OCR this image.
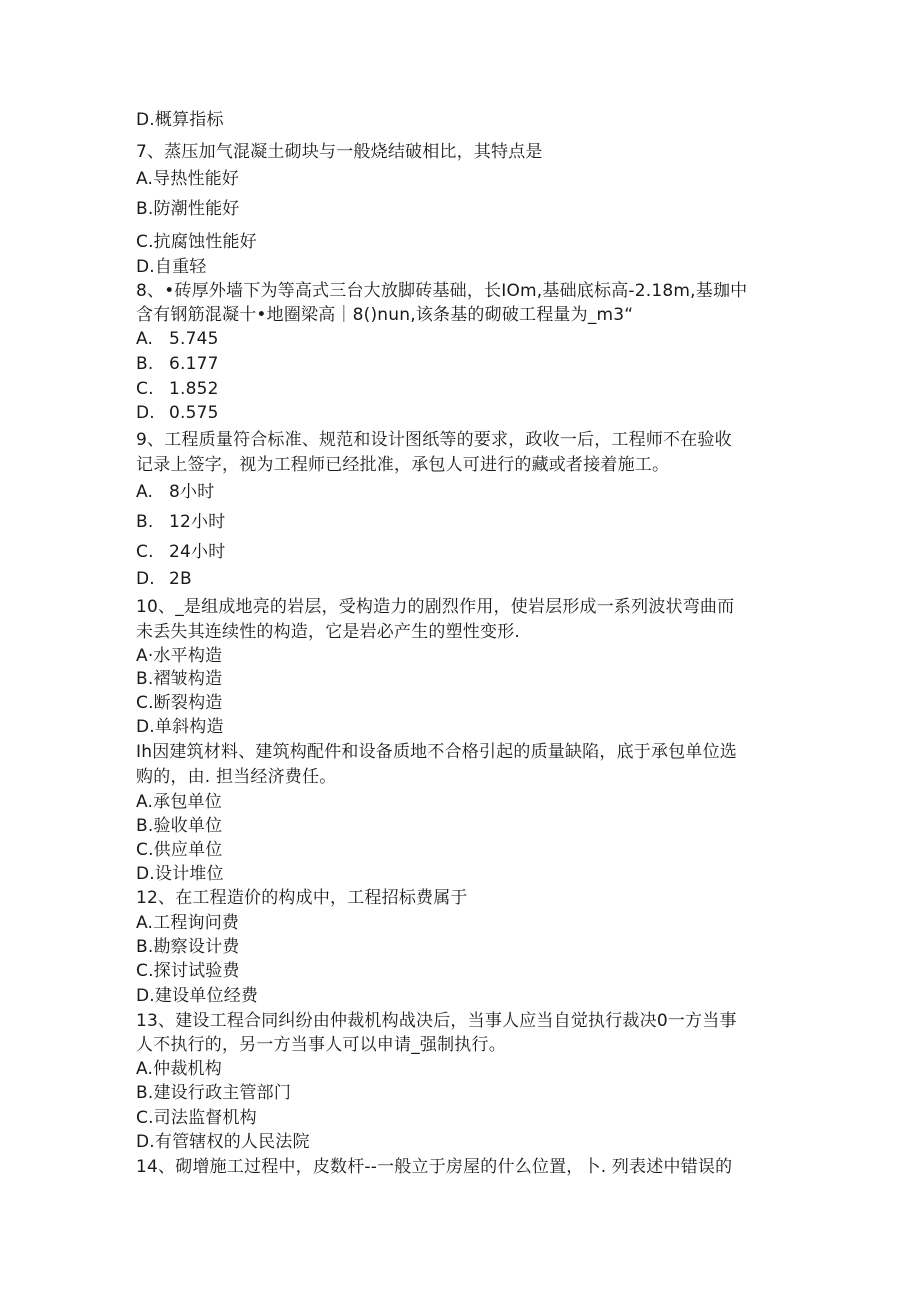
D.概算指标
7、蒸压加气混凝土砌块与一般烧结破相比，其特点是
A.导热性能好
B.防潮性能好
C.抗腐蚀性能好
D.自重轻
8、•砖厚外墙下为等高式三台大放脚砖基础，长IOm,基础底标高-2.18m,基珈中
含有钢筋混凝十•地圈梁高｜8()nun,该条基的砌破工程量为_m3“
A. 5.745
B. 6.177
C. 1.852
D. 0.575
9、工程质量符合标准、规范和设计图纸等的要求，政收一后，工程师不在验收
记录上签字，视为工程师已经批准，承包人可进行的藏或者接着施工。
A. 8小时
B. 12小时
C. 24小时
D. 2B
10、_是组成地亮的岩层，受构造力的剧烈作用，使岩层形成一系列波状弯曲而
未丢失其连续性的构造，它是岩必产生的塑性变形.
A·水平构造
B.褶皱构造
C.断裂构造
D.单斜构造
Ih因建筑材料、建筑构配件和设备质地不合格引起的质量缺陷，底于承包单位选
购的，由. 担当经济费任。
A.承包单位
B.验收单位
C.供应单位
D.设计堆位
12、在工程造价的构成中，工程招标费属于
A.工程询问费
B.勘察设计费
C.探讨试验费
D.建设单位经费
13、建设工程合同纠纷由仲裁机构战决后，当事人应当自觉执行裁决0一方当事
人不执行的，另一方当事人可以申请_强制执行。
A.仲裁机构
B.建设行政主管部门
C.司法监督机构
D.有管辖权的人民法院
14、砌增施工过程中，皮数杆--一般立于房屋的什么位置，卜. 列表述中错误的
